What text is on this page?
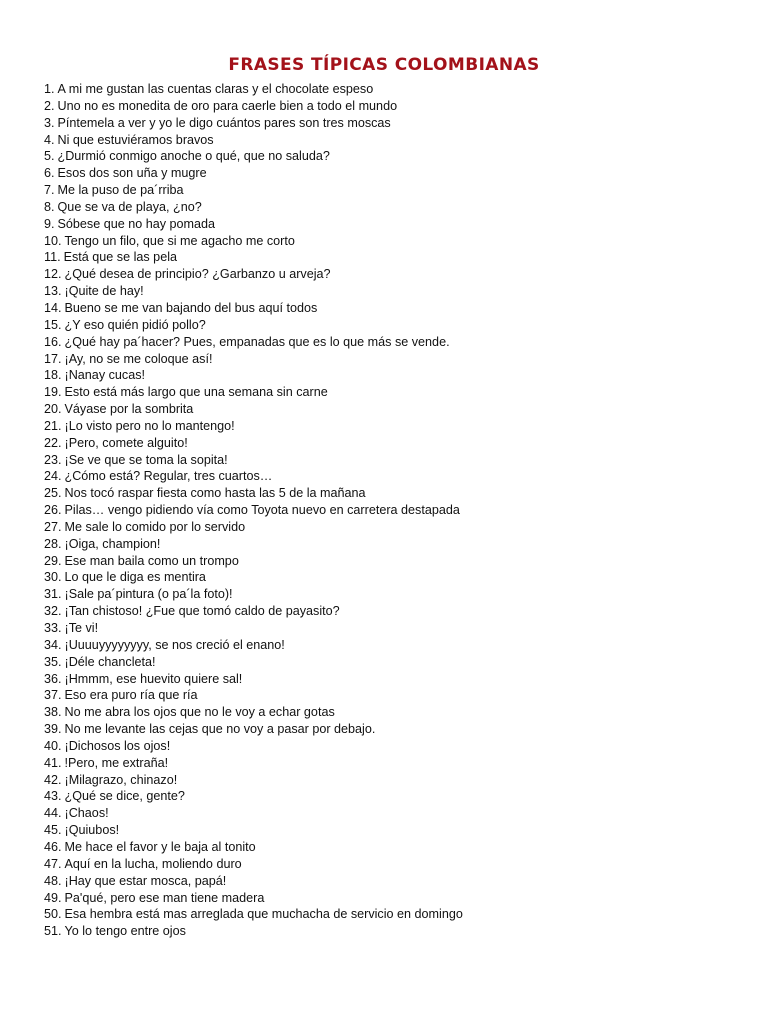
FRASES TÍPICAS COLOMBIANAS
1. A mi me gustan las cuentas claras y el chocolate espeso
2. Uno no es monedita de oro para caerle bien a todo el mundo
3. Píntemela a ver y yo le digo cuántos pares son tres moscas
4. Ni que estuviéramos bravos
5. ¿Durmió conmigo anoche o qué, que no saluda?
6. Esos dos son uña y mugre
7. Me la puso de pa´rriba
8. Que se va de playa, ¿no?
9. Sóbese que no hay pomada
10. Tengo un filo, que si me agacho me corto
11. Está que se las pela
12. ¿Qué desea de principio? ¿Garbanzo u arveja?
13. ¡Quite de hay!
14. Bueno se me van bajando del bus aquí todos
15. ¿Y eso quién pidió pollo?
16. ¿Qué hay pa´hacer? Pues, empanadas que es lo que más se vende.
17. ¡Ay, no se me coloque así!
18. ¡Nanay cucas!
19. Esto está más largo que una semana sin carne
20. Váyase por la sombrita
21. ¡Lo visto pero no lo mantengo!
22. ¡Pero, comete alguito!
23. ¡Se ve que se toma la sopita!
24. ¿Cómo está? Regular, tres cuartos…
25. Nos tocó raspar fiesta como hasta las 5 de la mañana
26. Pilas… vengo pidiendo vía como Toyota nuevo en carretera destapada
27. Me sale lo comido por lo servido
28. ¡Oiga, champion!
29. Ese man baila como un trompo
30. Lo que le diga es mentira
31. ¡Sale pa´pintura (o pa´la foto)!
32. ¡Tan chistoso! ¿Fue que tomó caldo de payasito?
33. ¡Te vi!
34. ¡Uuuuyyyyyyyy, se nos creció el enano!
35. ¡Déle chancleta!
36. ¡Hmmm, ese huevito quiere sal!
37. Eso era puro ría que ría
38. No me abra los ojos que no le voy a echar gotas
39. No me levante las cejas que no voy a pasar por debajo.
40. ¡Dichosos los ojos!
41. !Pero, me extraña!
42. ¡Milagrazo, chinazo!
43. ¿Qué se dice, gente?
44. ¡Chaos!
45. ¡Quiubos!
46. Me hace el favor y le baja al tonito
47. Aquí en la lucha, moliendo duro
48. ¡Hay que estar mosca, papá!
49. Pa'qué, pero ese man tiene madera
50. Esa hembra está mas arreglada que muchacha de servicio en domingo
51. Yo lo tengo entre ojos
